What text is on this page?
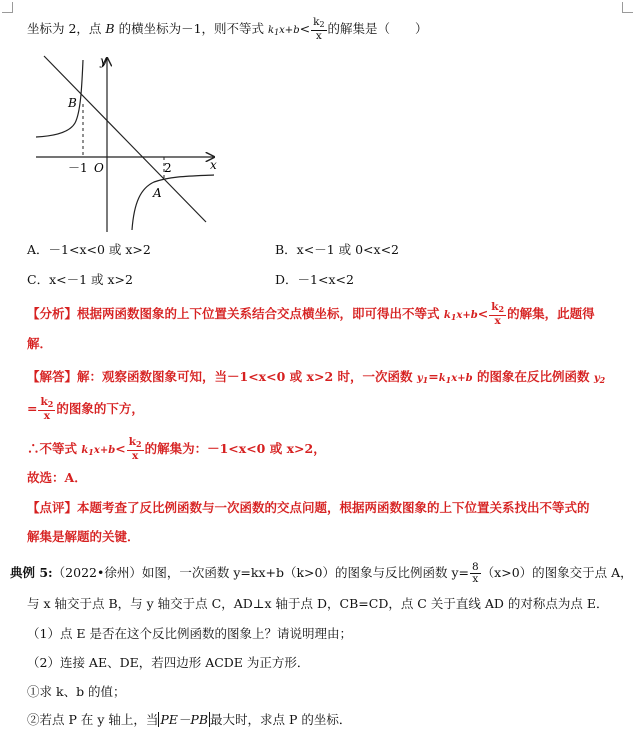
坐标为 2，点 B 的横坐标为－1，则不等式 $k_1x+b< \frac{k_2}{x}$ 的解集是（　　）
y
x
O
B
A
－1	2
A．－1<x<0 或 x>2	B．x<－1 或 0<x<2
C．x<－1 或 x>2	D．－1<x<2
【分析】根据两函数图象的上下位置关系结合交点横坐标，即可得出不等式 $k_1x+b< \frac{k_2}{x}$ 的解集，此题得
解．
【解答】解：观察函数图象可知，当－1<x<0 或 x>2 时，一次函数 $y_1=k_1x+b$ 的图象在反比例函数 $y_2$
= $\frac{k_2}{x}$ 的图象的下方，
∴不等式 $k_1x+b< \frac{k_2}{x}$ 的解集为：－1<x<0 或 x>2，
故选：A．
【点评】本题考查了反比例函数与一次函数的交点问题，根据两函数图象的上下位置关系找出不等式的
解集是解题的关键．
典例 5:（2022•徐州）如图，一次函数 y=kx+b（k>0）的图象与反比例函数 $y= \frac{8}{x} (x>0)$的图象交于点 A，
与 x 轴交于点 B，与 y 轴交于点 C，AD⊥x 轴于点 D，CB=CD，点 C 关于直线 AD 的对称点为点 E．
（1）点 E 是否在这个反比例函数的图象上？请说明理由；
（2）连接 AE、DE，若四边形 ACDE 为正方形．
①求 k、b 的值；
②若点 P 在 y 轴上，当 PE－PB 最大时，求点 P 的坐标．
